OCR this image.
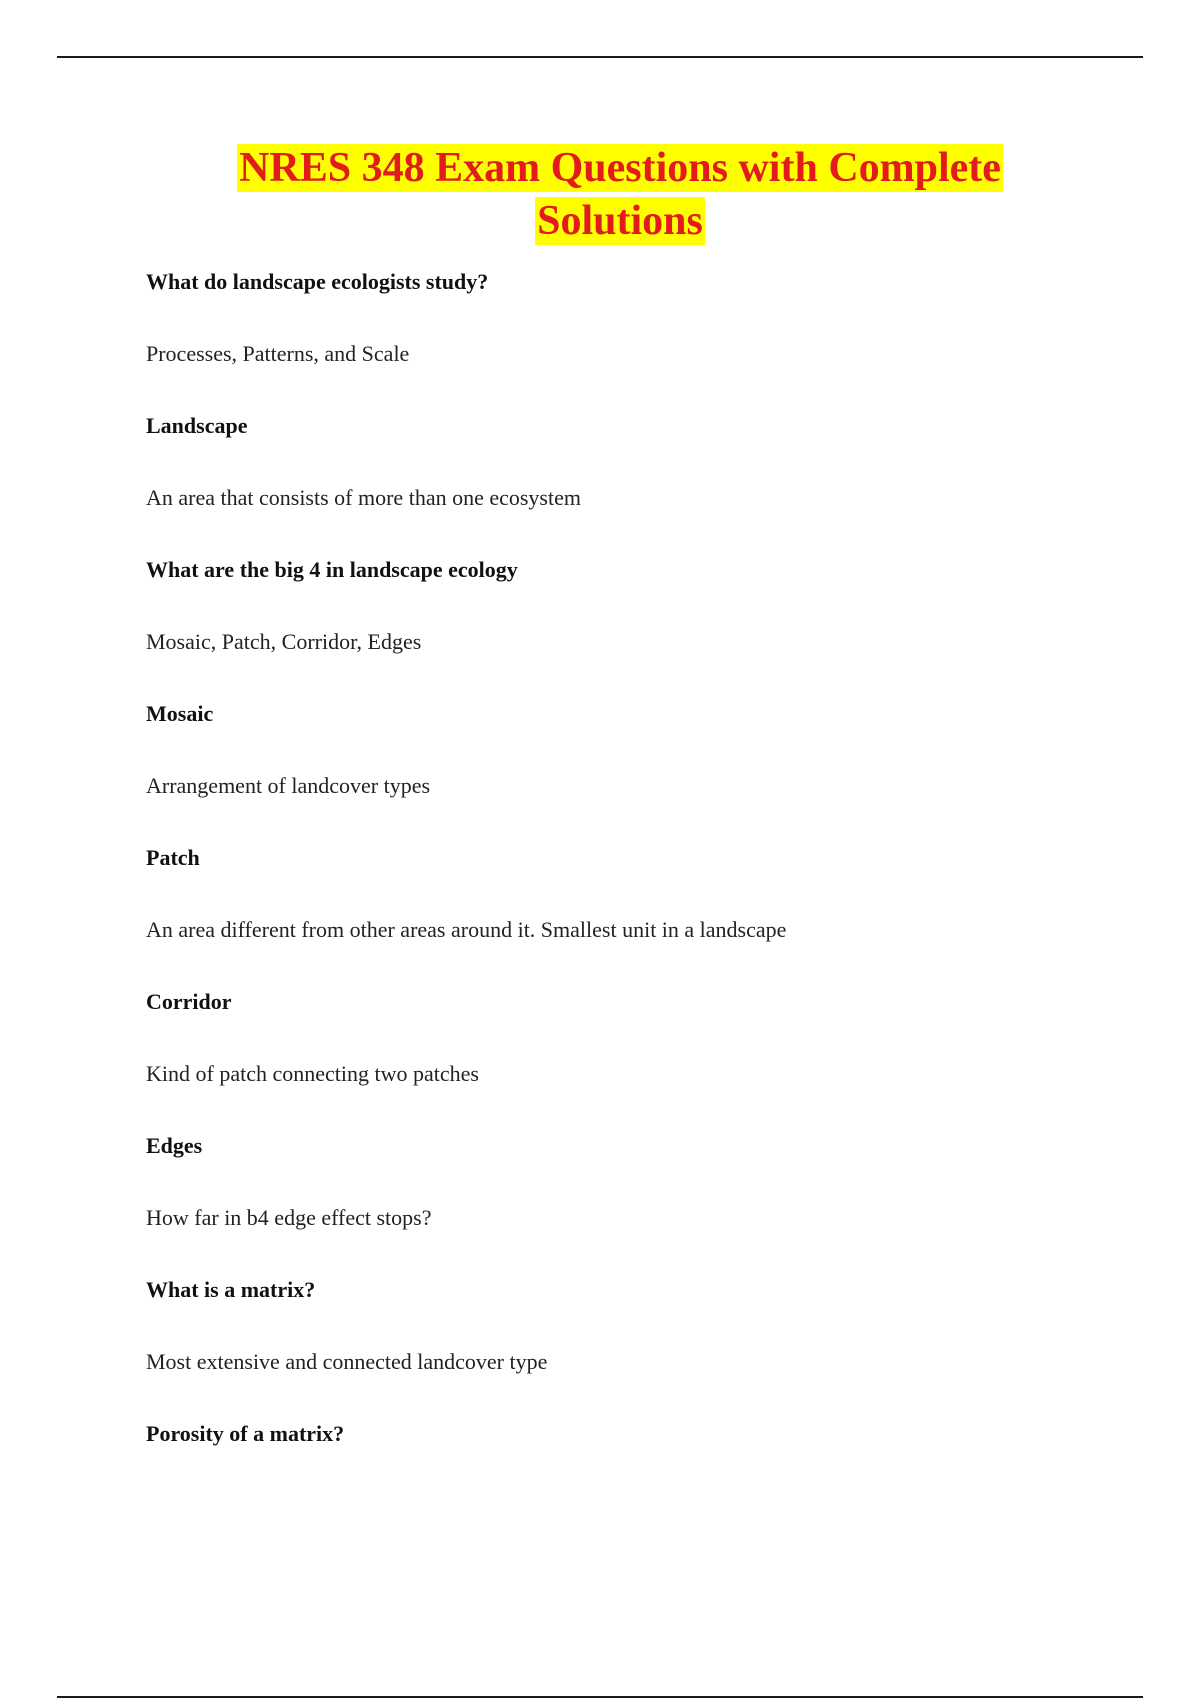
NRES 348 Exam Questions with Complete
Solutions

What do landscape ecologists study?

Processes, Patterns, and Scale

Landscape

An area that consists of more than one ecosystem

What are the big 4 in landscape ecology

Mosaic, Patch, Corridor, Edges

Mosaic

Arrangement of landcover types

Patch

An area different from other areas around it. Smallest unit in a landscape

Corridor

Kind of patch connecting two patches

Edges

How far in b4 edge effect stops?

What is a matrix?

Most extensive and connected landcover type

Porosity of a matrix?
